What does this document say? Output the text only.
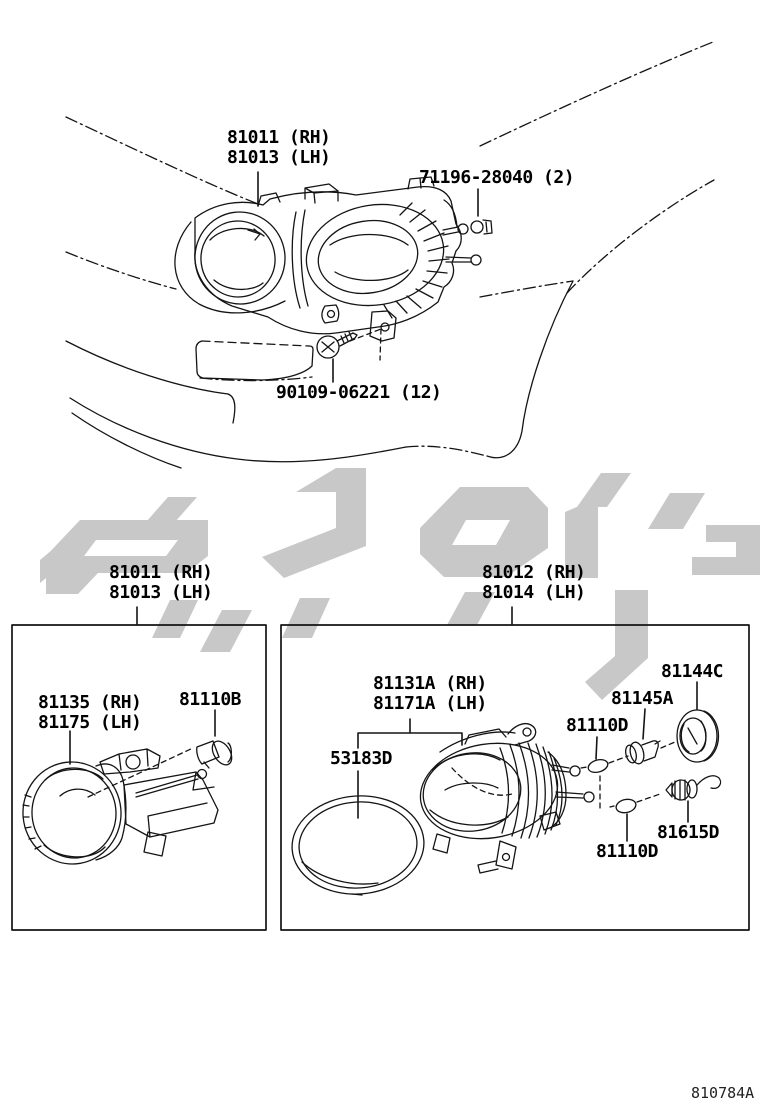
81011 (RH)
81013 (LH)
71196-28040 (2)
90109-06221 (12)
81011 (RH)
81013 (LH)
81012 (RH)
81014 (LH)
81135 (RH)
81175 (LH)
81110B
81131A (RH)
81171A (LH)
53183D
81110D
81145A
81144C
81615D
81110D
810784A
